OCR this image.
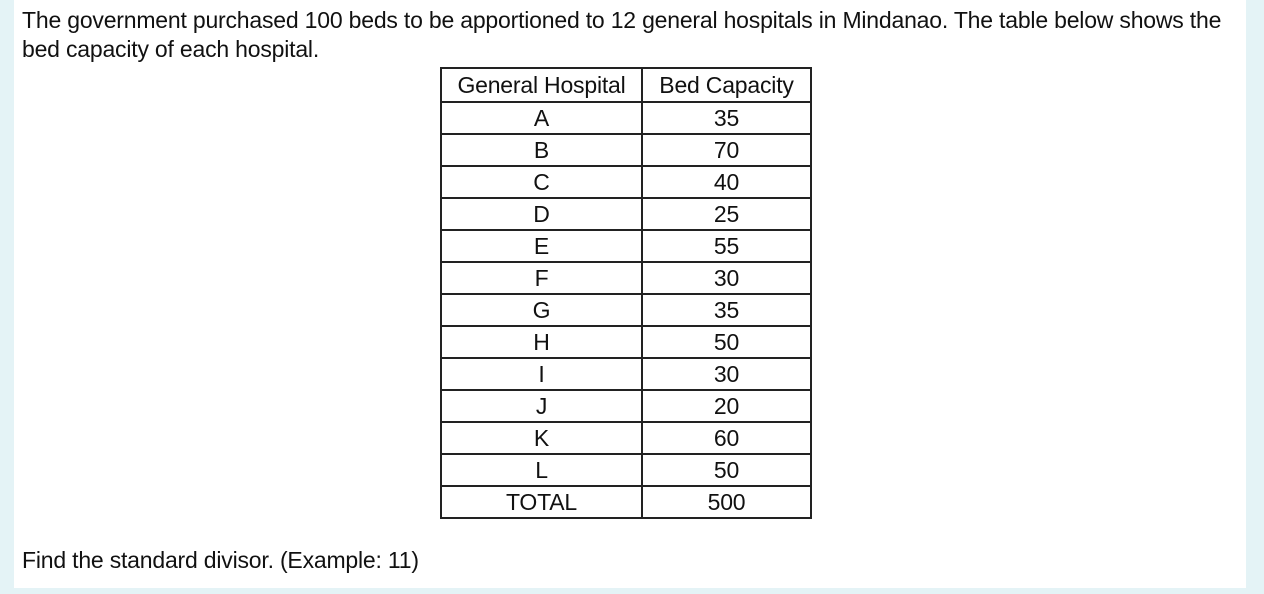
The government purchased 100 beds to be apportioned to 12 general hospitals in Mindanao. The table below shows the bed capacity of each hospital.

General Hospital	Bed Capacity
A	35
B	70
C	40
D	25
E	55
F	30
G	35
H	50
I	30
J	20
K	60
L	50
TOTAL	500

Find the standard divisor. (Example: 11)
